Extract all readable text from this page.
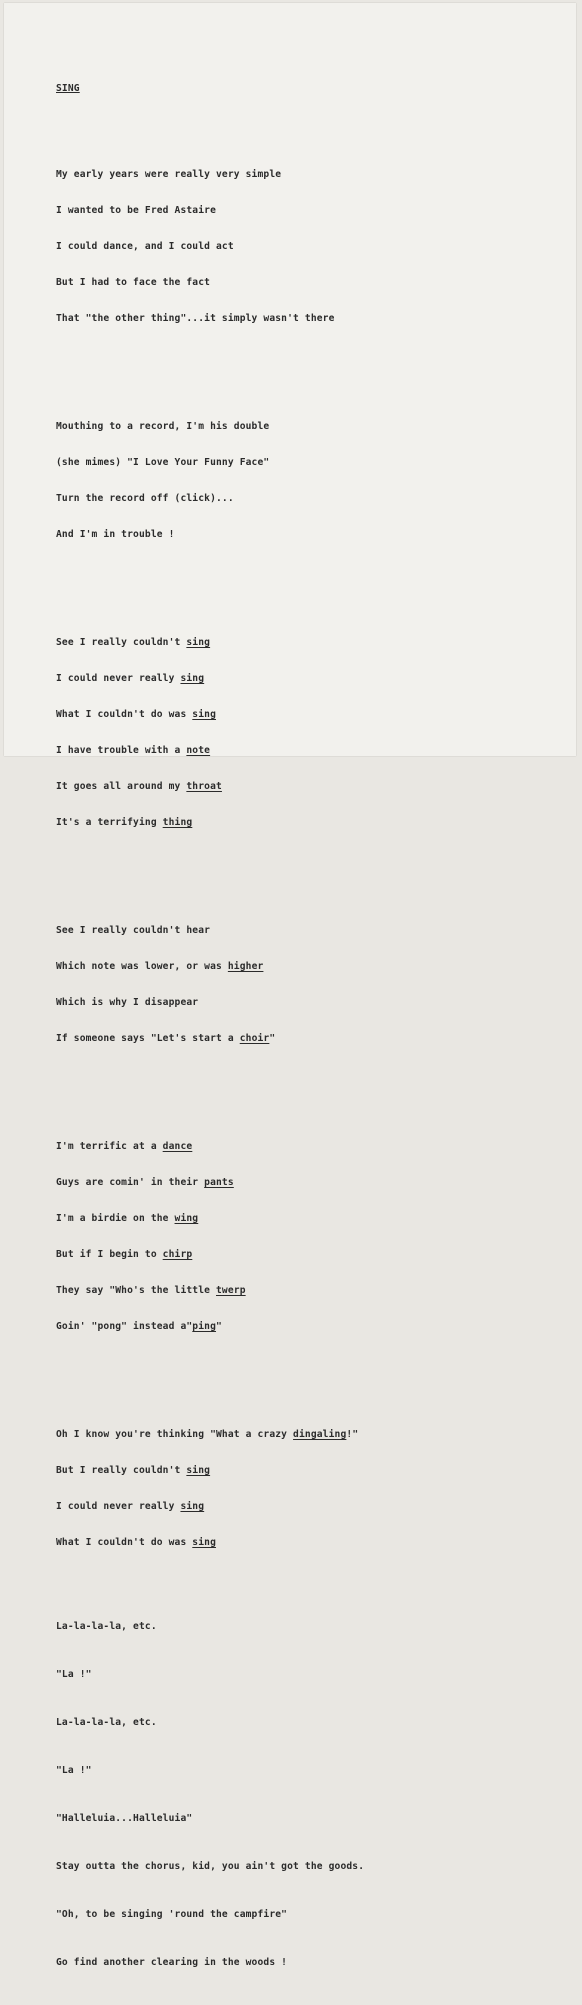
SING

My early years were really very simple

I wanted to be Fred Astaire

I could dance, and I could act

But I had to face the fact

That "the other thing"...it simply wasn't there

Mouthing to a record, I'm his double

(she mimes) "I Love Your Funny Face"

Turn the record off (click)...

And I'm in trouble !

See I really couldn't sing

I could never really sing

What I couldn't do was sing

I have trouble with a note

It goes all around my throat

It's a terrifying thing

See I really couldn't hear

Which note was lower, or was higher

Which is why I disappear

If someone says "Let's start a choir"

I'm terrific at a dance

Guys are comin' in their pants

I'm a birdie on the wing

But if I begin to chirp

They say "Who's the little twerp

Goin' "pong" instead a"ping"

Oh I know you're thinking "What a crazy dingaling!"

But I really couldn't sing

I could never really sing

What I couldn't do was sing

La-la-la-la, etc.

"La !"

La-la-la-la, etc.

"La !"

"Halleluia...Halleluia"

Stay outta the chorus, kid, you ain't got the goods.

"Oh, to be singing 'round the campfire"

Go find another clearing in the woods !
